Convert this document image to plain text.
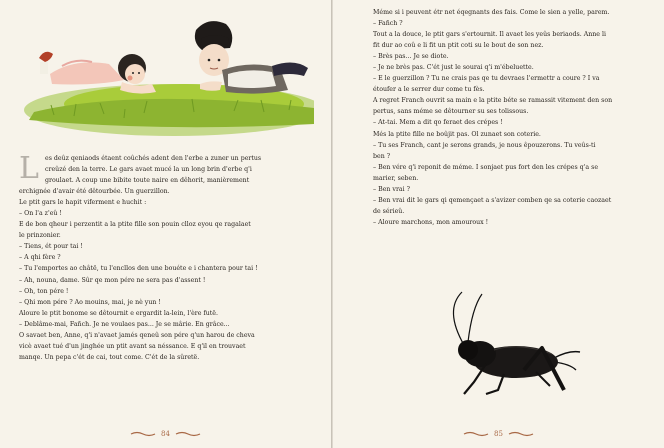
L es deûz qeniaods étaent coûchés adent den l'erbe a zuner un pertus
creûzé den la terre. Le gars avaet mucé la un long brin d'erbe q'i
groulaet. A coup une bibite toute naire en dêhorit, manièrement
erchignée d'avair été dêtourbée. Un guerzillon.
Le ptit gars le hapit viferment e huchit :
– On l'a z'eû !
E de bon qheur i perzentit a la ptite fille son pouin clloz eyou qe ragalaet
le prinzonier.
– Tiens, ét pour tai !
– A qhi fère ?
– Tu l'emportes ao châtë, tu l'encllos den une bouéte e i chantera pour tai !
– Ah, nouna, dame. Sûr qe mon pére ne sera pas d'assent !
– Oh, ton pére !
– Qhi mon pére ? Ao mouins, mai, je nè yun !
Aloure le ptit bonome se dêtournit e ergardit la-lein, l'ère futë.
– Deblâme-mai, Fañch. Je ne voulaes pas... Je se mârie. En grâce...
O savaet ben, Anne, q'i n'avaet jamés qeneû son pére q'un harou de cheva
vicè avaet tué d'un jinghée un ptit avant sa néssance. E q'il en trouvaet
manqe. Un pepa c'ét de cai, tout come. C'ét de la sûretë.
84
Méme si i peuvent étr net éqegnants des fais. Come le sien a yelle, parem.
– Fañch ?
Tout a la douce, le ptit gars s'ertournit. Il avaet les yeûs beriaods. Anne li
fit dur ao coû e li fit un ptit coti su le bout de son nez.
– Brès pas... Je se diote.
– Je ne brès pas. C'ét just le sourai q'i m'ébeluette.
– E le guerzillon ? Tu ne crais pas qe tu devraes l'ermettr a coure ? I va
étoufer a le serrer dur come tu fès.
A regret Franch ouvrit sa main e la ptite béte se ramassit vitement den son
pertus, sans méme se dêtourner su ses tolissous.
– At-tai. Mem a dit qo feraet des crépes !
Més la ptite fille ne boûjit pas. Ol zunaet son coterie.
– Tu ses Franch, cant je serons grands, je nous êpouzerons. Tu veûs-ti
ben ?
– Ben vére q'i reponit de méme. I sonjaet pus fort den les crépes q'a se
marier, seben.
– Ben vrai ?
– Ben vrai dit le gars qi qemençaet a s'avizer comben qe sa coterie caozaet
de sérieû.
– Aloure marchons, mon amouroux !
85
